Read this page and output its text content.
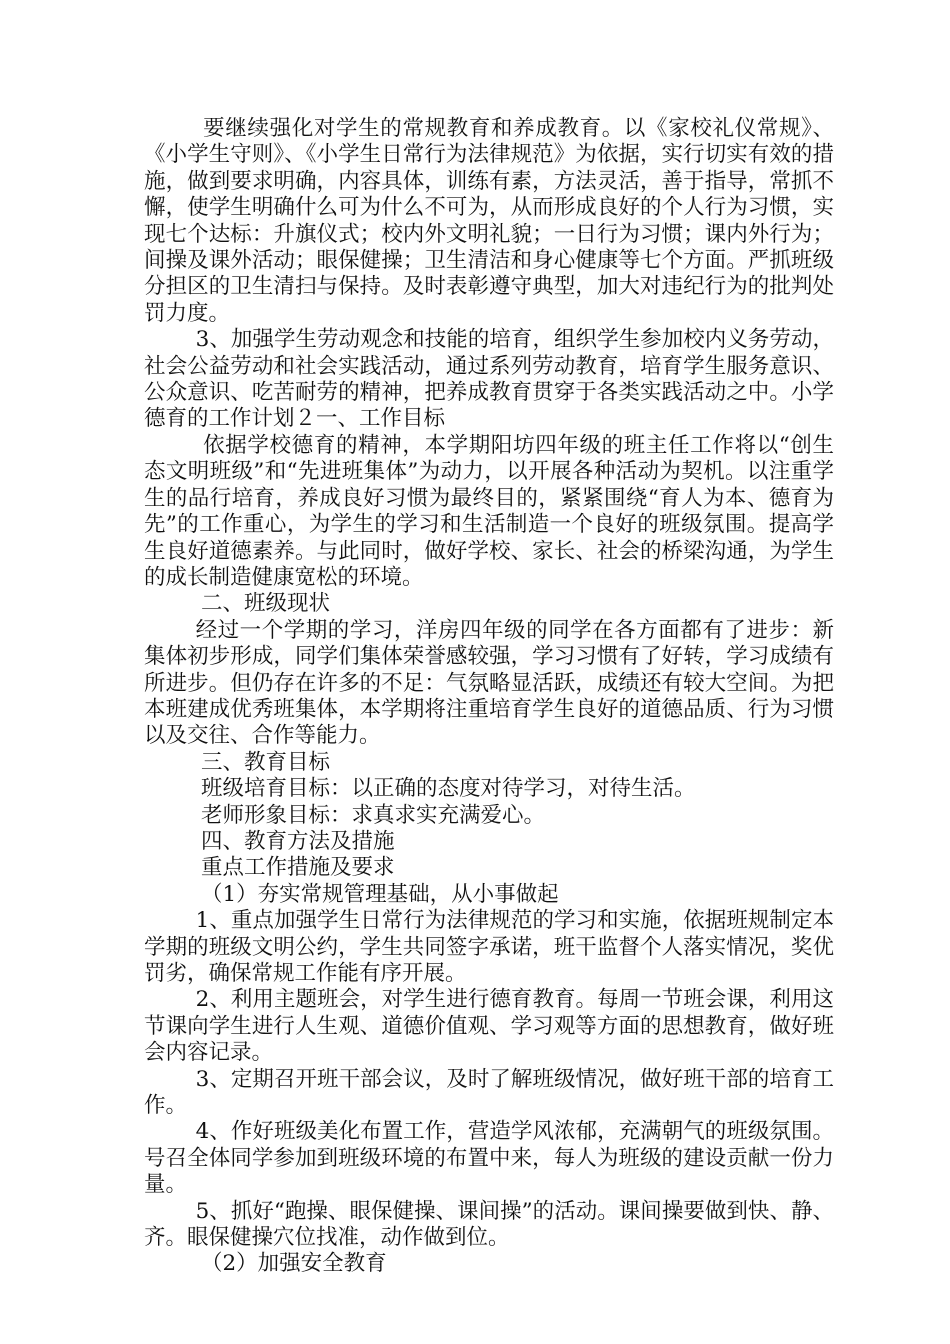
要继续强化对学生的常规教育和养成教育。以《家校礼仪常规》、《小学生守则》、《小学生日常行为法律规范》为依据，实行切实有效的措施，做到要求明确，内容具体，训练有素，方法灵活，善于指导，常抓不懈，使学生明确什么可为什么不可为，从而形成良好的个人行为习惯，实现七个达标：升旗仪式；校内外文明礼貌；一日行为习惯；课内外行为；间操及课外活动；眼保健操；卫生清洁和身心健康等七个方面。严抓班级分担区的卫生清扫与保持。及时表彰遵守典型，加大对违纪行为的批判处罚力度。

3、加强学生劳动观念和技能的培育，组织学生参加校内义务劳动，社会公益劳动和社会实践活动，通过系列劳动教育，培育学生服务意识、公众意识、吃苦耐劳的精神，把养成教育贯穿于各类实践活动之中。小学德育的工作计划２一、工作目标

依据学校德育的精神，本学期阳坊四年级的班主任工作将以“创生态文明班级”和“先进班集体”为动力，以开展各种活动为契机。以注重学生的品行培育，养成良好习惯为最终目的，紧紧围绕“育人为本、德育为先”的工作重心，为学生的学习和生活制造一个良好的班级氛围。提高学生良好道德素养。与此同时，做好学校、家长、社会的桥梁沟通，为学生的成长制造健康宽松的环境。

二、班级现状

经过一个学期的学习，洋房四年级的同学在各方面都有了进步：新集体初步形成，同学们集体荣誉感较强，学习习惯有了好转，学习成绩有所进步。但仍存在许多的不足：气氛略显活跃，成绩还有较大空间。为把本班建成优秀班集体，本学期将注重培育学生良好的道德品质、行为习惯以及交往、合作等能力。

三、教育目标

班级培育目标：以正确的态度对待学习，对待生活。

老师形象目标：求真求实充满爱心。

四、教育方法及措施

重点工作措施及要求

（1）夯实常规管理基础，从小事做起

1、重点加强学生日常行为法律规范的学习和实施，依据班规制定本学期的班级文明公约，学生共同签字承诺，班干监督个人落实情况，奖优罚劣，确保常规工作能有序开展。

2、利用主题班会，对学生进行德育教育。每周一节班会课，利用这节课向学生进行人生观、道德价值观、学习观等方面的思想教育，做好班会内容记录。

3、定期召开班干部会议，及时了解班级情况，做好班干部的培育工作。

4、作好班级美化布置工作，营造学风浓郁，充满朝气的班级氛围。号召全体同学参加到班级环境的布置中来，每人为班级的建设贡献一份力量。

5、抓好“跑操、眼保健操、课间操”的活动。课间操要做到快、静、齐。眼保健操穴位找准，动作做到位。

（2）加强安全教育
